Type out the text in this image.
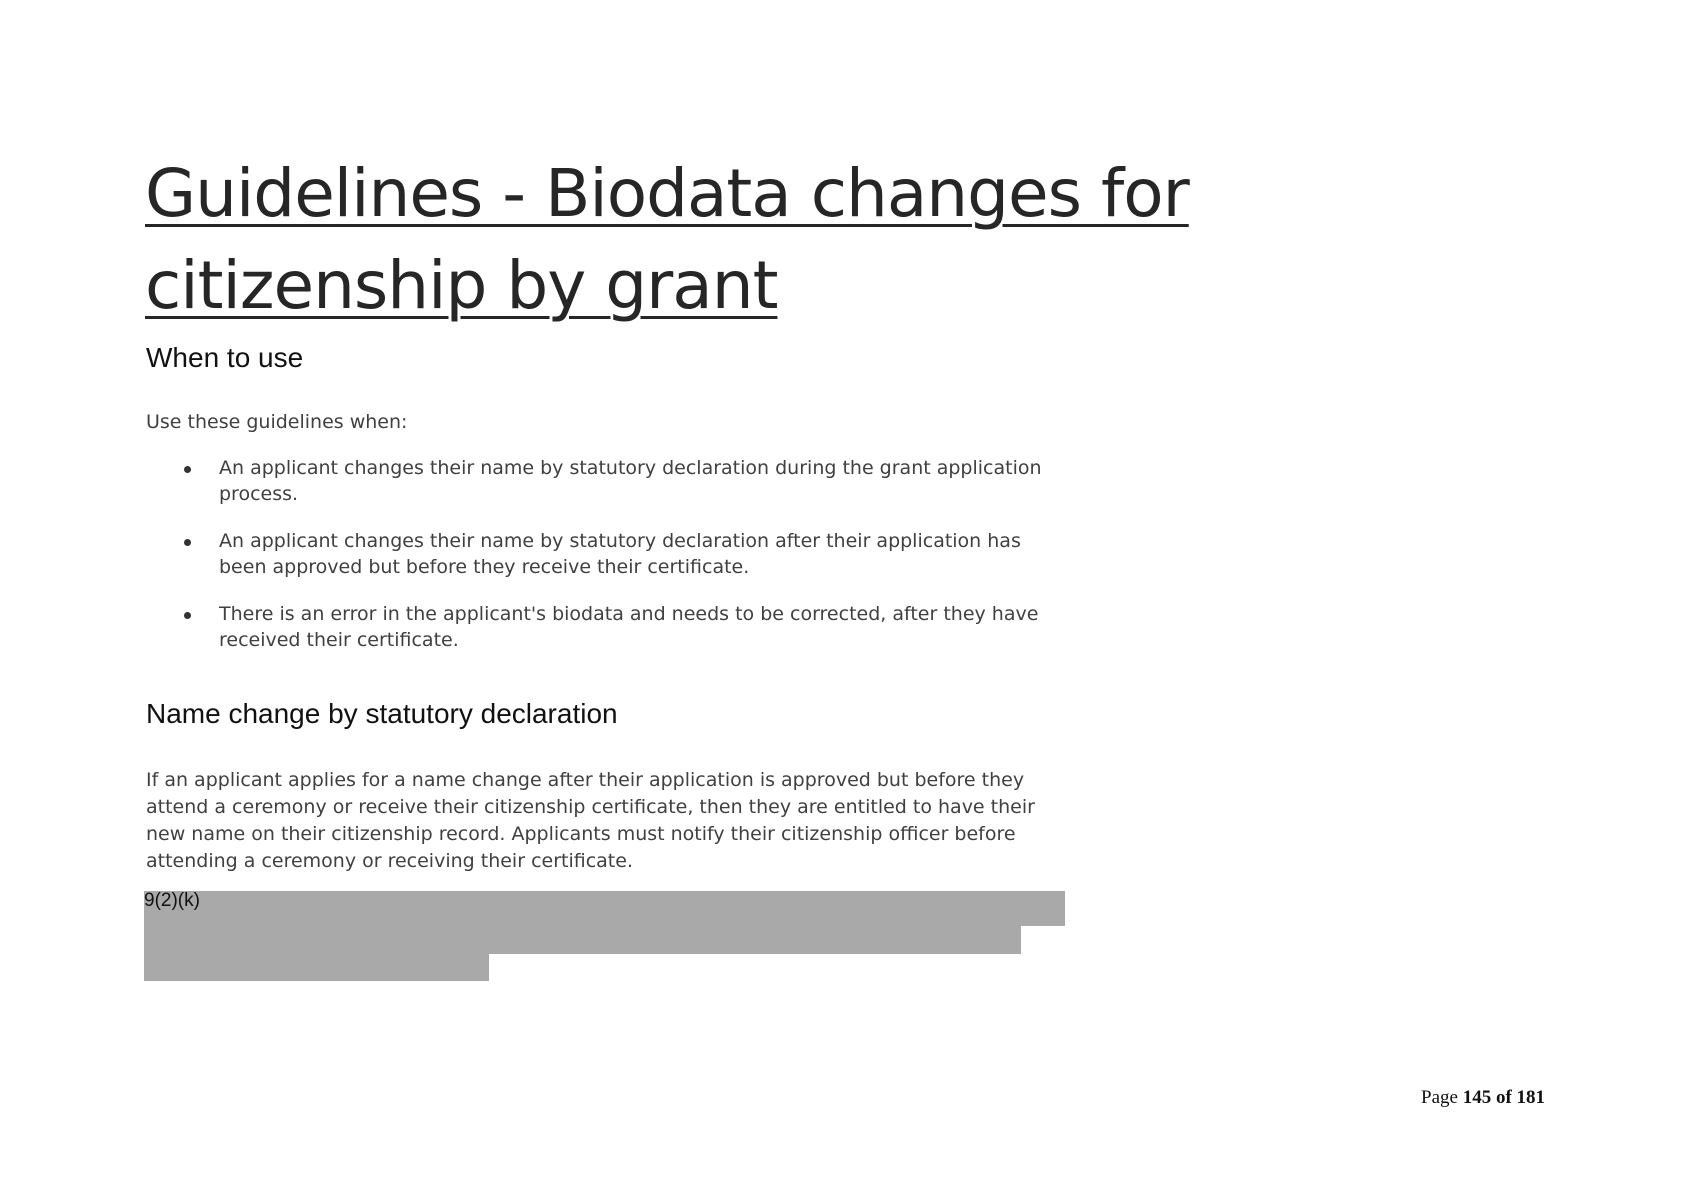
Guidelines - Biodata changes for citizenship by grant
When to use

Use these guidelines when:

An applicant changes their name by statutory declaration during the grant application process.
An applicant changes their name by statutory declaration after their application has been approved but before they receive their certificate.
There is an error in the applicant's biodata and needs to be corrected, after they have received their certificate.
Name change by statutory declaration

If an applicant applies for a name change after their application is approved but before they attend a ceremony or receive their citizenship certificate, then they are entitled to have their new name on their citizenship record. Applicants must notify their citizenship officer before attending a ceremony or receiving their certificate.

9(2)(k)
Page 145 of 181
